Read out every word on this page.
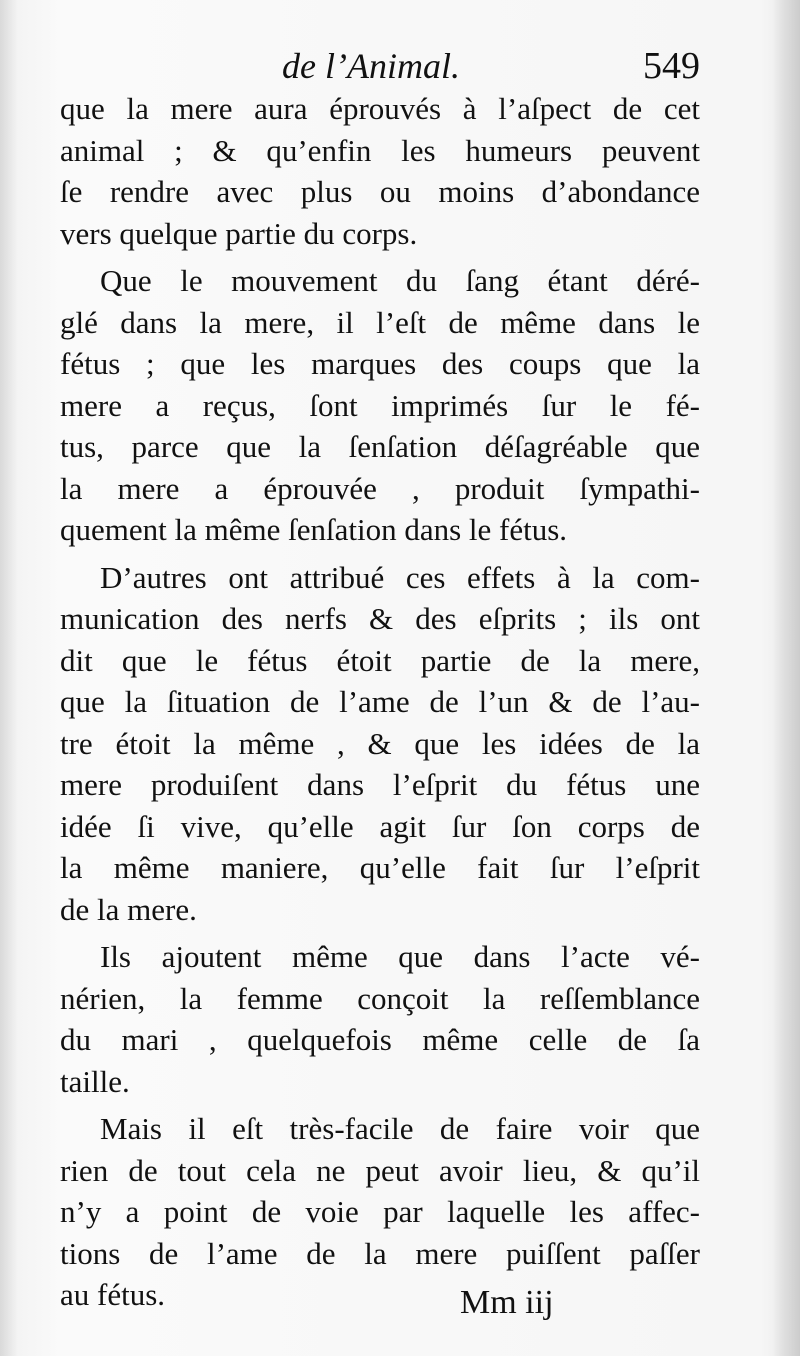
de l’Animal.	549
que la mere aura éprouvés à l’aſpect de cet
animal ; & qu’enfin les humeurs peuvent
ſe rendre avec plus ou moins d’abondance
vers quelque partie du corps.
Que le mouvement du ſang étant déré-
glé dans la mere, il l’eſt de même dans le
fétus ; que les marques des coups que la
mere a reçus, ſont imprimés ſur le fé-
tus, parce que la ſenſation déſagréable que
la mere a éprouvée , produit ſympathi-
quement la même ſenſation dans le fétus.
D’autres ont attribué ces effets à la com-
munication des nerfs & des eſprits ; ils ont
dit que le fétus étoit partie de la mere,
que la ſituation de l’ame de l’un & de l’au-
tre étoit la même , & que les idées de la
mere produiſent dans l’eſprit du fétus une
idée ſi vive, qu’elle agit ſur ſon corps de
la même maniere, qu’elle fait ſur l’eſprit
de la mere.
Ils ajoutent même que dans l’acte vé-
nérien, la femme conçoit la reſſemblance
du mari , quelquefois même celle de ſa
taille.
Mais il eſt très-facile de faire voir que
rien de tout cela ne peut avoir lieu, & qu’il
n’y a point de voie par laquelle les affec-
tions de l’ame de la mere puiſſent paſſer
au fétus.	Mm iij
